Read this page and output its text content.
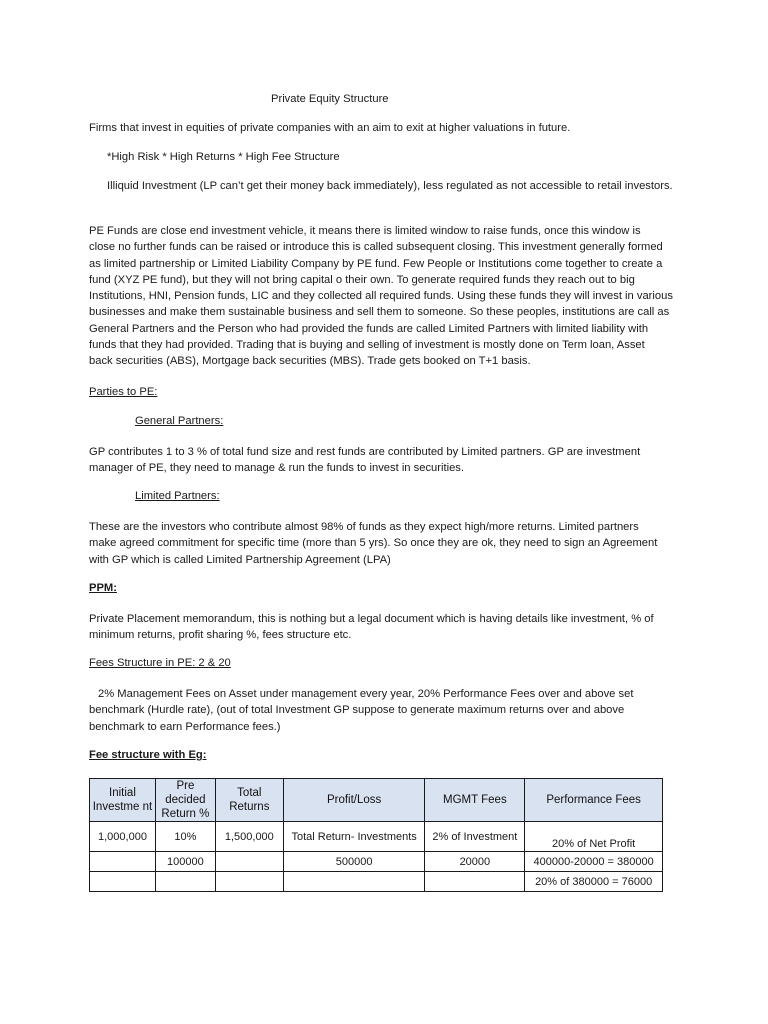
Private Equity Structure
Firms that invest in equities of private companies with an aim to exit at higher valuations in future.
*High Risk * High Returns * High Fee Structure
Illiquid Investment (LP can’t get their money back immediately), less regulated as not accessible to retail investors.
PE Funds are close end investment vehicle, it means there is limited window to raise funds, once this window is
close no further funds can be raised or introduce this is called subsequent closing. This investment generally formed
as limited partnership or Limited Liability Company by PE fund. Few People or Institutions come together to create a
fund (XYZ PE fund), but they will not bring capital o their own. To generate required funds they reach out to big
Institutions, HNI, Pension funds, LIC and they collected all required funds. Using these funds they will invest in various
businesses and make them sustainable business and sell them to someone. So these peoples, institutions are call as
General Partners and the Person who had provided the funds are called Limited Partners with limited liability with
funds that they had provided. Trading that is buying and selling of investment is mostly done on Term loan, Asset
back securities (ABS), Mortgage back securities (MBS). Trade gets booked on T+1 basis.
Parties to PE:
General Partners:
GP contributes 1 to 3 % of total fund size and rest funds are contributed by Limited partners. GP are investment
manager of PE, they need to manage & run the funds to invest in securities.
Limited Partners:
These are the investors who contribute almost 98% of funds as they expect high/more returns. Limited partners
make agreed commitment for specific time (more than 5 yrs). So once they are ok, they need to sign an Agreement
with GP which is called Limited Partnership Agreement (LPA)
PPM:
Private Placement memorandum, this is nothing but a legal document which is having details like investment, % of
minimum returns, profit sharing %, fees structure etc.
Fees Structure in PE: 2 & 20
2% Management Fees on Asset under management every year, 20% Performance Fees over and above set
benchmark (Hurdle rate), (out of total Investment GP suppose to generate maximum returns over and above
benchmark to earn Performance fees.)
Fee structure with Eg:
Initial Investme nt	Pre decided Return %	Total Returns	Profit/Loss	MGMT Fees	Performance Fees
1,000,000	10%	1,500,000	Total Return- Investments	2% of Investment	20% of Net Profit
	100000		500000	20000	400000-20000 = 380000
					20% of 380000 = 76000
